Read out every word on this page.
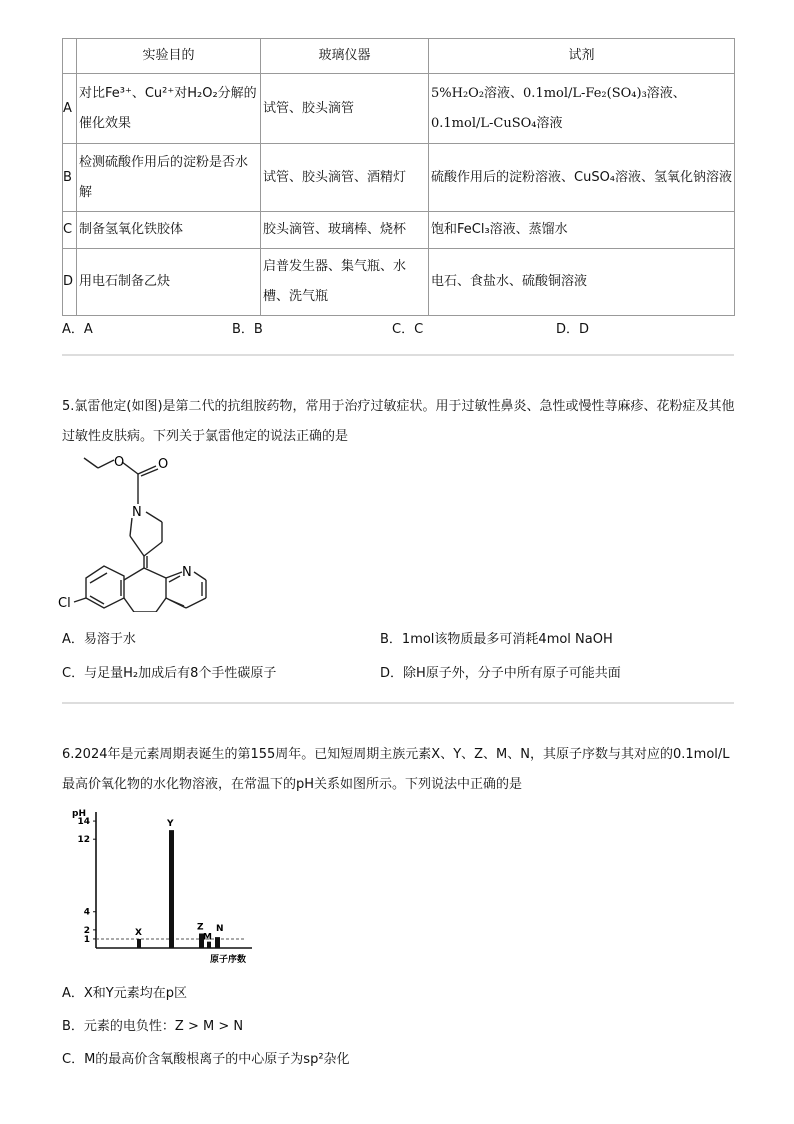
	实验目的	玻璃仪器	试剂
A	对比Fe³⁺、Cu²⁺对H₂O₂分解的催化效果	试管、胶头滴管	5%H₂O₂溶液、0.1mol/L-Fe₂(SO₄)₃溶液、0.1mol/L-CuSO₄溶液
B	检测硫酸作用后的淀粉是否水解	试管、胶头滴管、酒精灯	硫酸作用后的淀粉溶液、CuSO₄溶液、氢氧化钠溶液
C	制备氢氧化铁胶体	胶头滴管、玻璃棒、烧杯	饱和FeCl₃溶液、蒸馏水
D	用电石制备乙炔	启普发生器、集气瓶、水槽、洗气瓶	电石、食盐水、硫酸铜溶液
A．A	B．B	C．C	D．D
5.氯雷他定(如图)是第二代的抗组胺药物，常用于治疗过敏症状。用于过敏性鼻炎、急性或慢性荨麻疹、花粉症及其他过敏性皮肤病。下列关于氯雷他定的说法正确的是
O	O
N
N
Cl
A．易溶于水	B．1mol该物质最多可消耗4mol NaOH
C．与足量H₂加成后有8个手性碳原子	D．除H原子外，分子中所有原子可能共面
6.2024年是元素周期表诞生的第155周年。已知短周期主族元素X、Y、Z、M、N，其原子序数与其对应的0.1mol/L最高价氧化物的水化物溶液，在常温下的pH关系如图所示。下列说法中正确的是
pH
原子序数
1
2
4
12
14
X
Y
Z
M
N
A．X和Y元素均在p区
B．元素的电负性：Z > M > N
C．M的最高价含氧酸根离子的中心原子为sp²杂化
